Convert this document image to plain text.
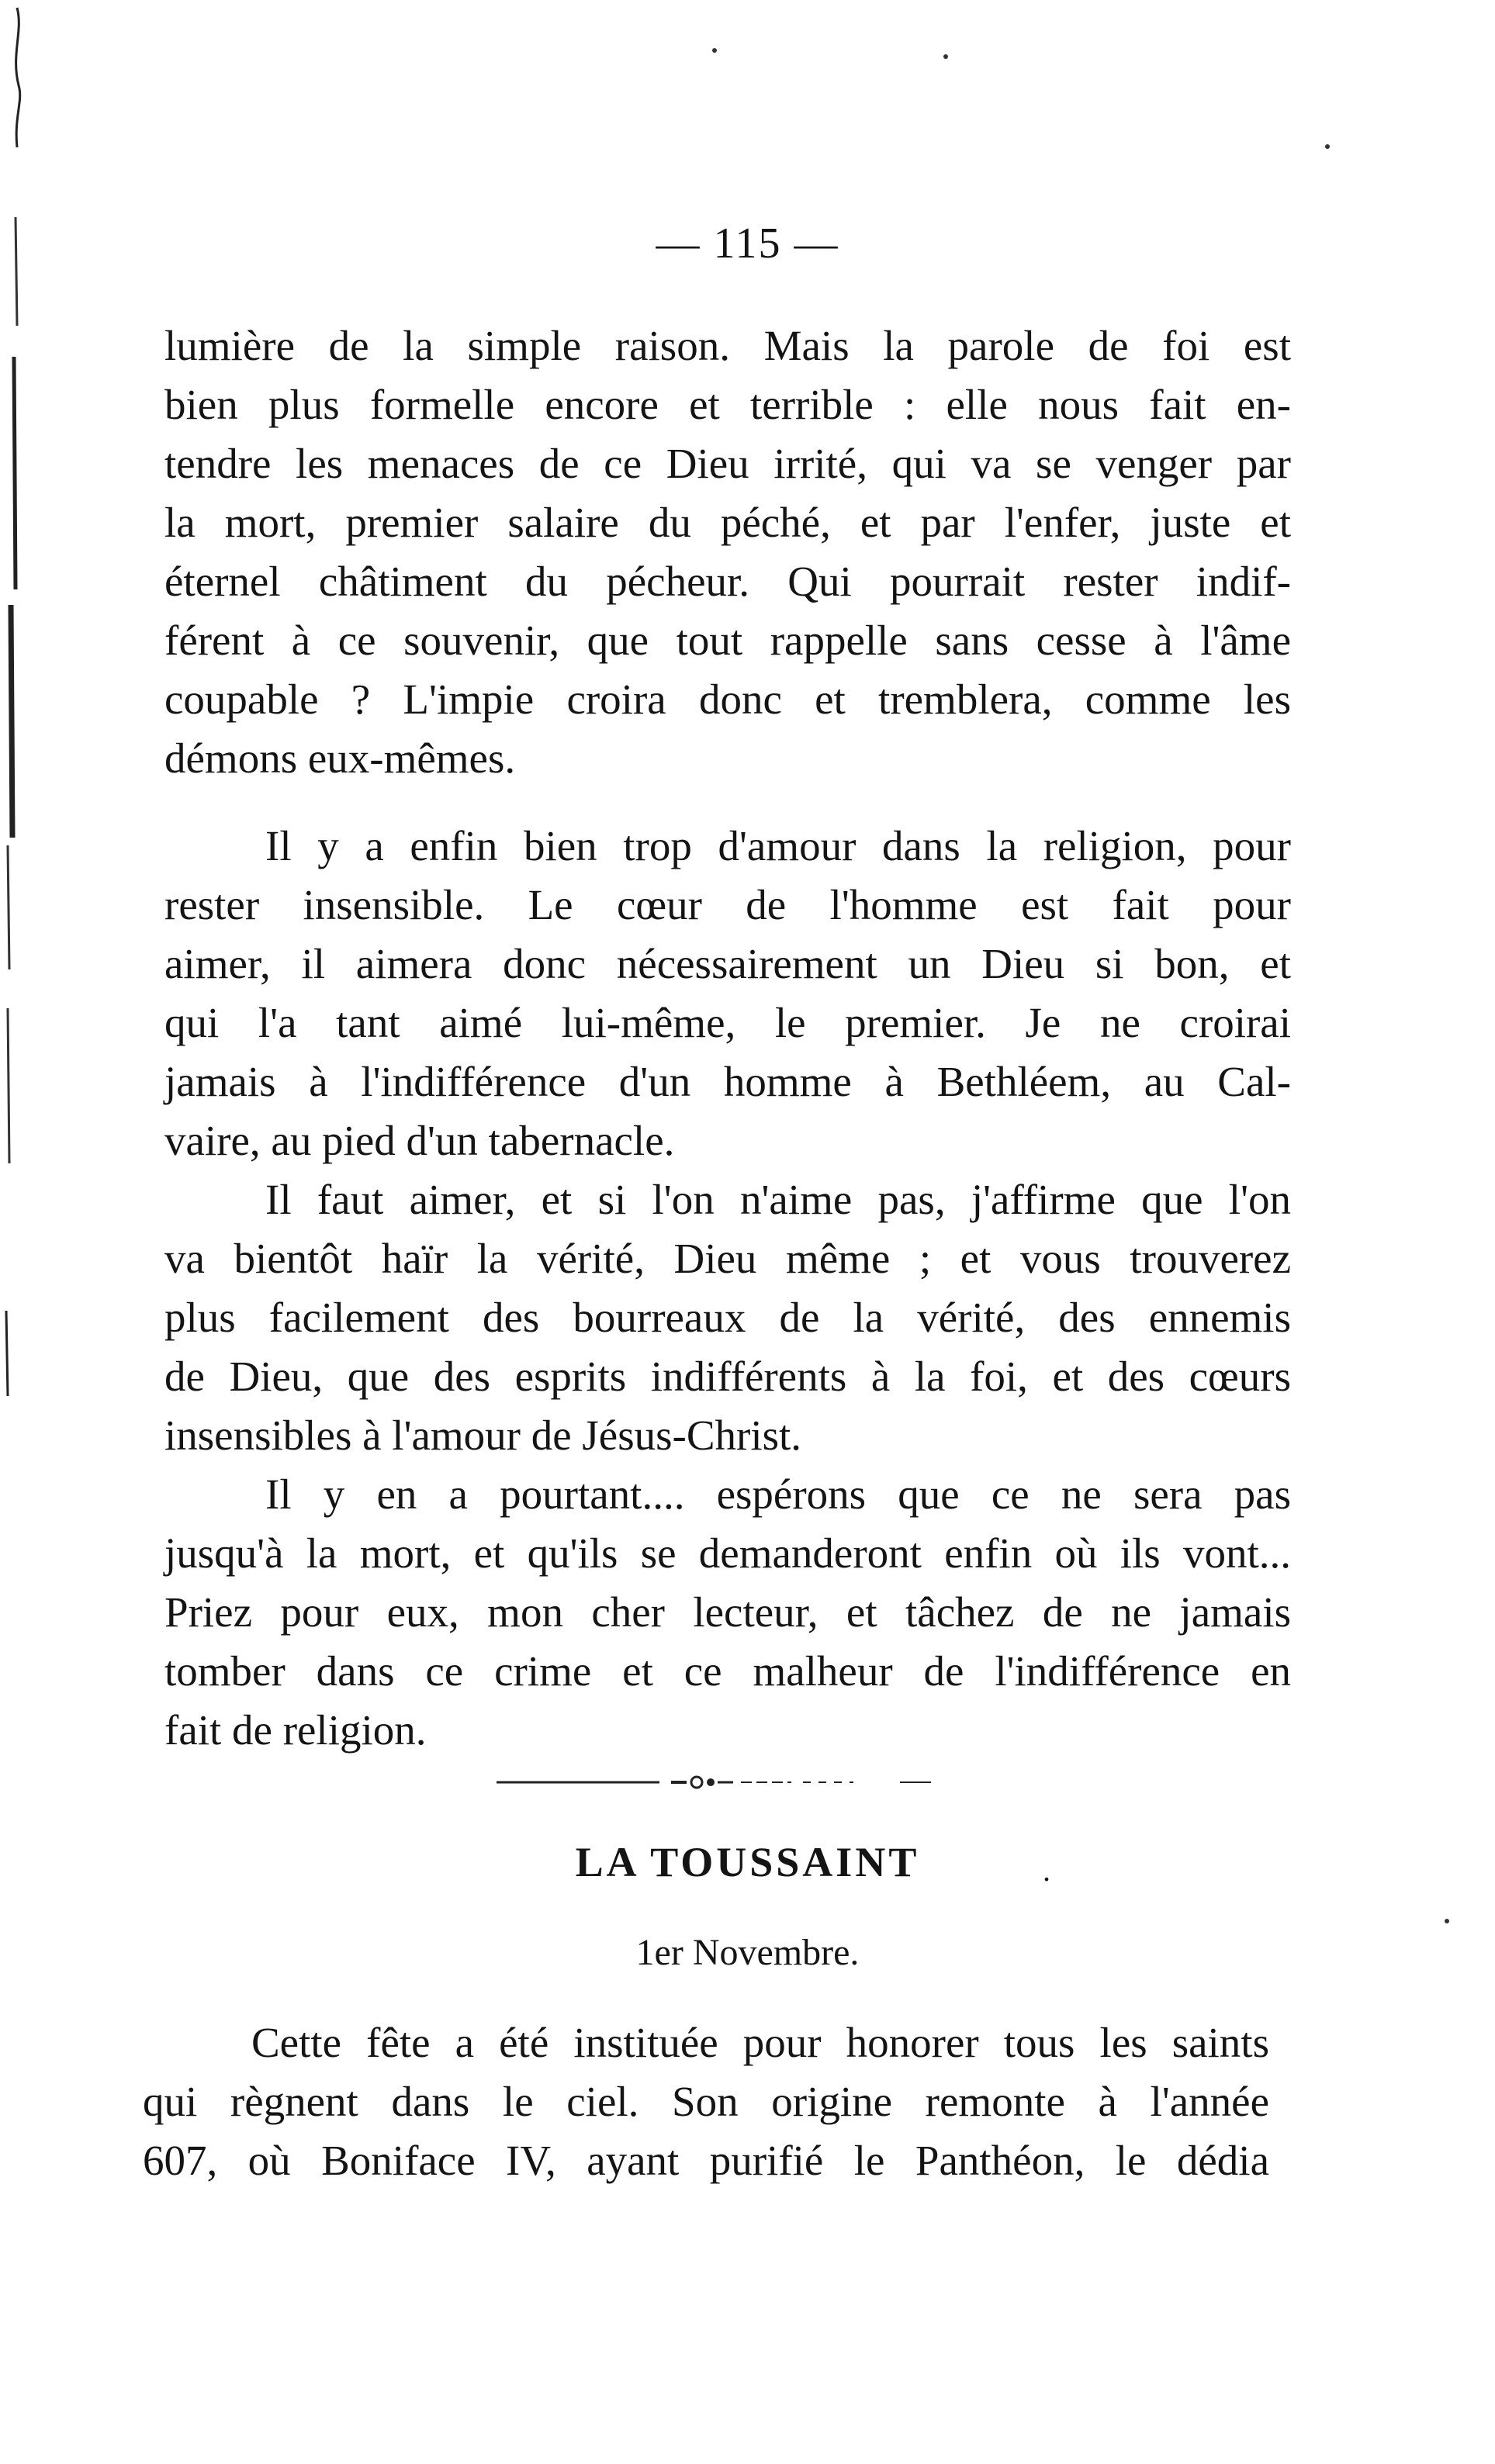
— 115 —
lumière de la simple raison. Mais la parole de foi est
bien plus formelle encore et terrible : elle nous fait en-
tendre les menaces de ce Dieu irrité, qui va se venger par
la mort, premier salaire du péché, et par l'enfer, juste et
éternel châtiment du pécheur. Qui pourrait rester indif-
férent à ce souvenir, que tout rappelle sans cesse à l'âme
coupable ? L'impie croira donc et tremblera, comme les
démons eux-mêmes.
Il y a enfin bien trop d'amour dans la religion, pour
rester insensible. Le cœur de l'homme est fait pour
aimer, il aimera donc nécessairement un Dieu si bon, et
qui l'a tant aimé lui-même, le premier. Je ne croirai
jamais à l'indifférence d'un homme à Bethléem, au Cal-
vaire, au pied d'un tabernacle.
Il faut aimer, et si l'on n'aime pas, j'affirme que l'on
va bientôt haïr la vérité, Dieu même ; et vous trouverez
plus facilement des bourreaux de la vérité, des ennemis
de Dieu, que des esprits indifférents à la foi, et des cœurs
insensibles à l'amour de Jésus-Christ.
Il y en a pourtant.... espérons que ce ne sera pas
jusqu'à la mort, et qu'ils se demanderont enfin où ils vont...
Priez pour eux, mon cher lecteur, et tâchez de ne jamais
tomber dans ce crime et ce malheur de l'indifférence en
fait de religion.
LA TOUSSAINT	.
1er Novembre.
Cette fête a été instituée pour honorer tous les saints
qui règnent dans le ciel. Son origine remonte à l'année
607, où Boniface IV, ayant purifié le Panthéon, le dédia
